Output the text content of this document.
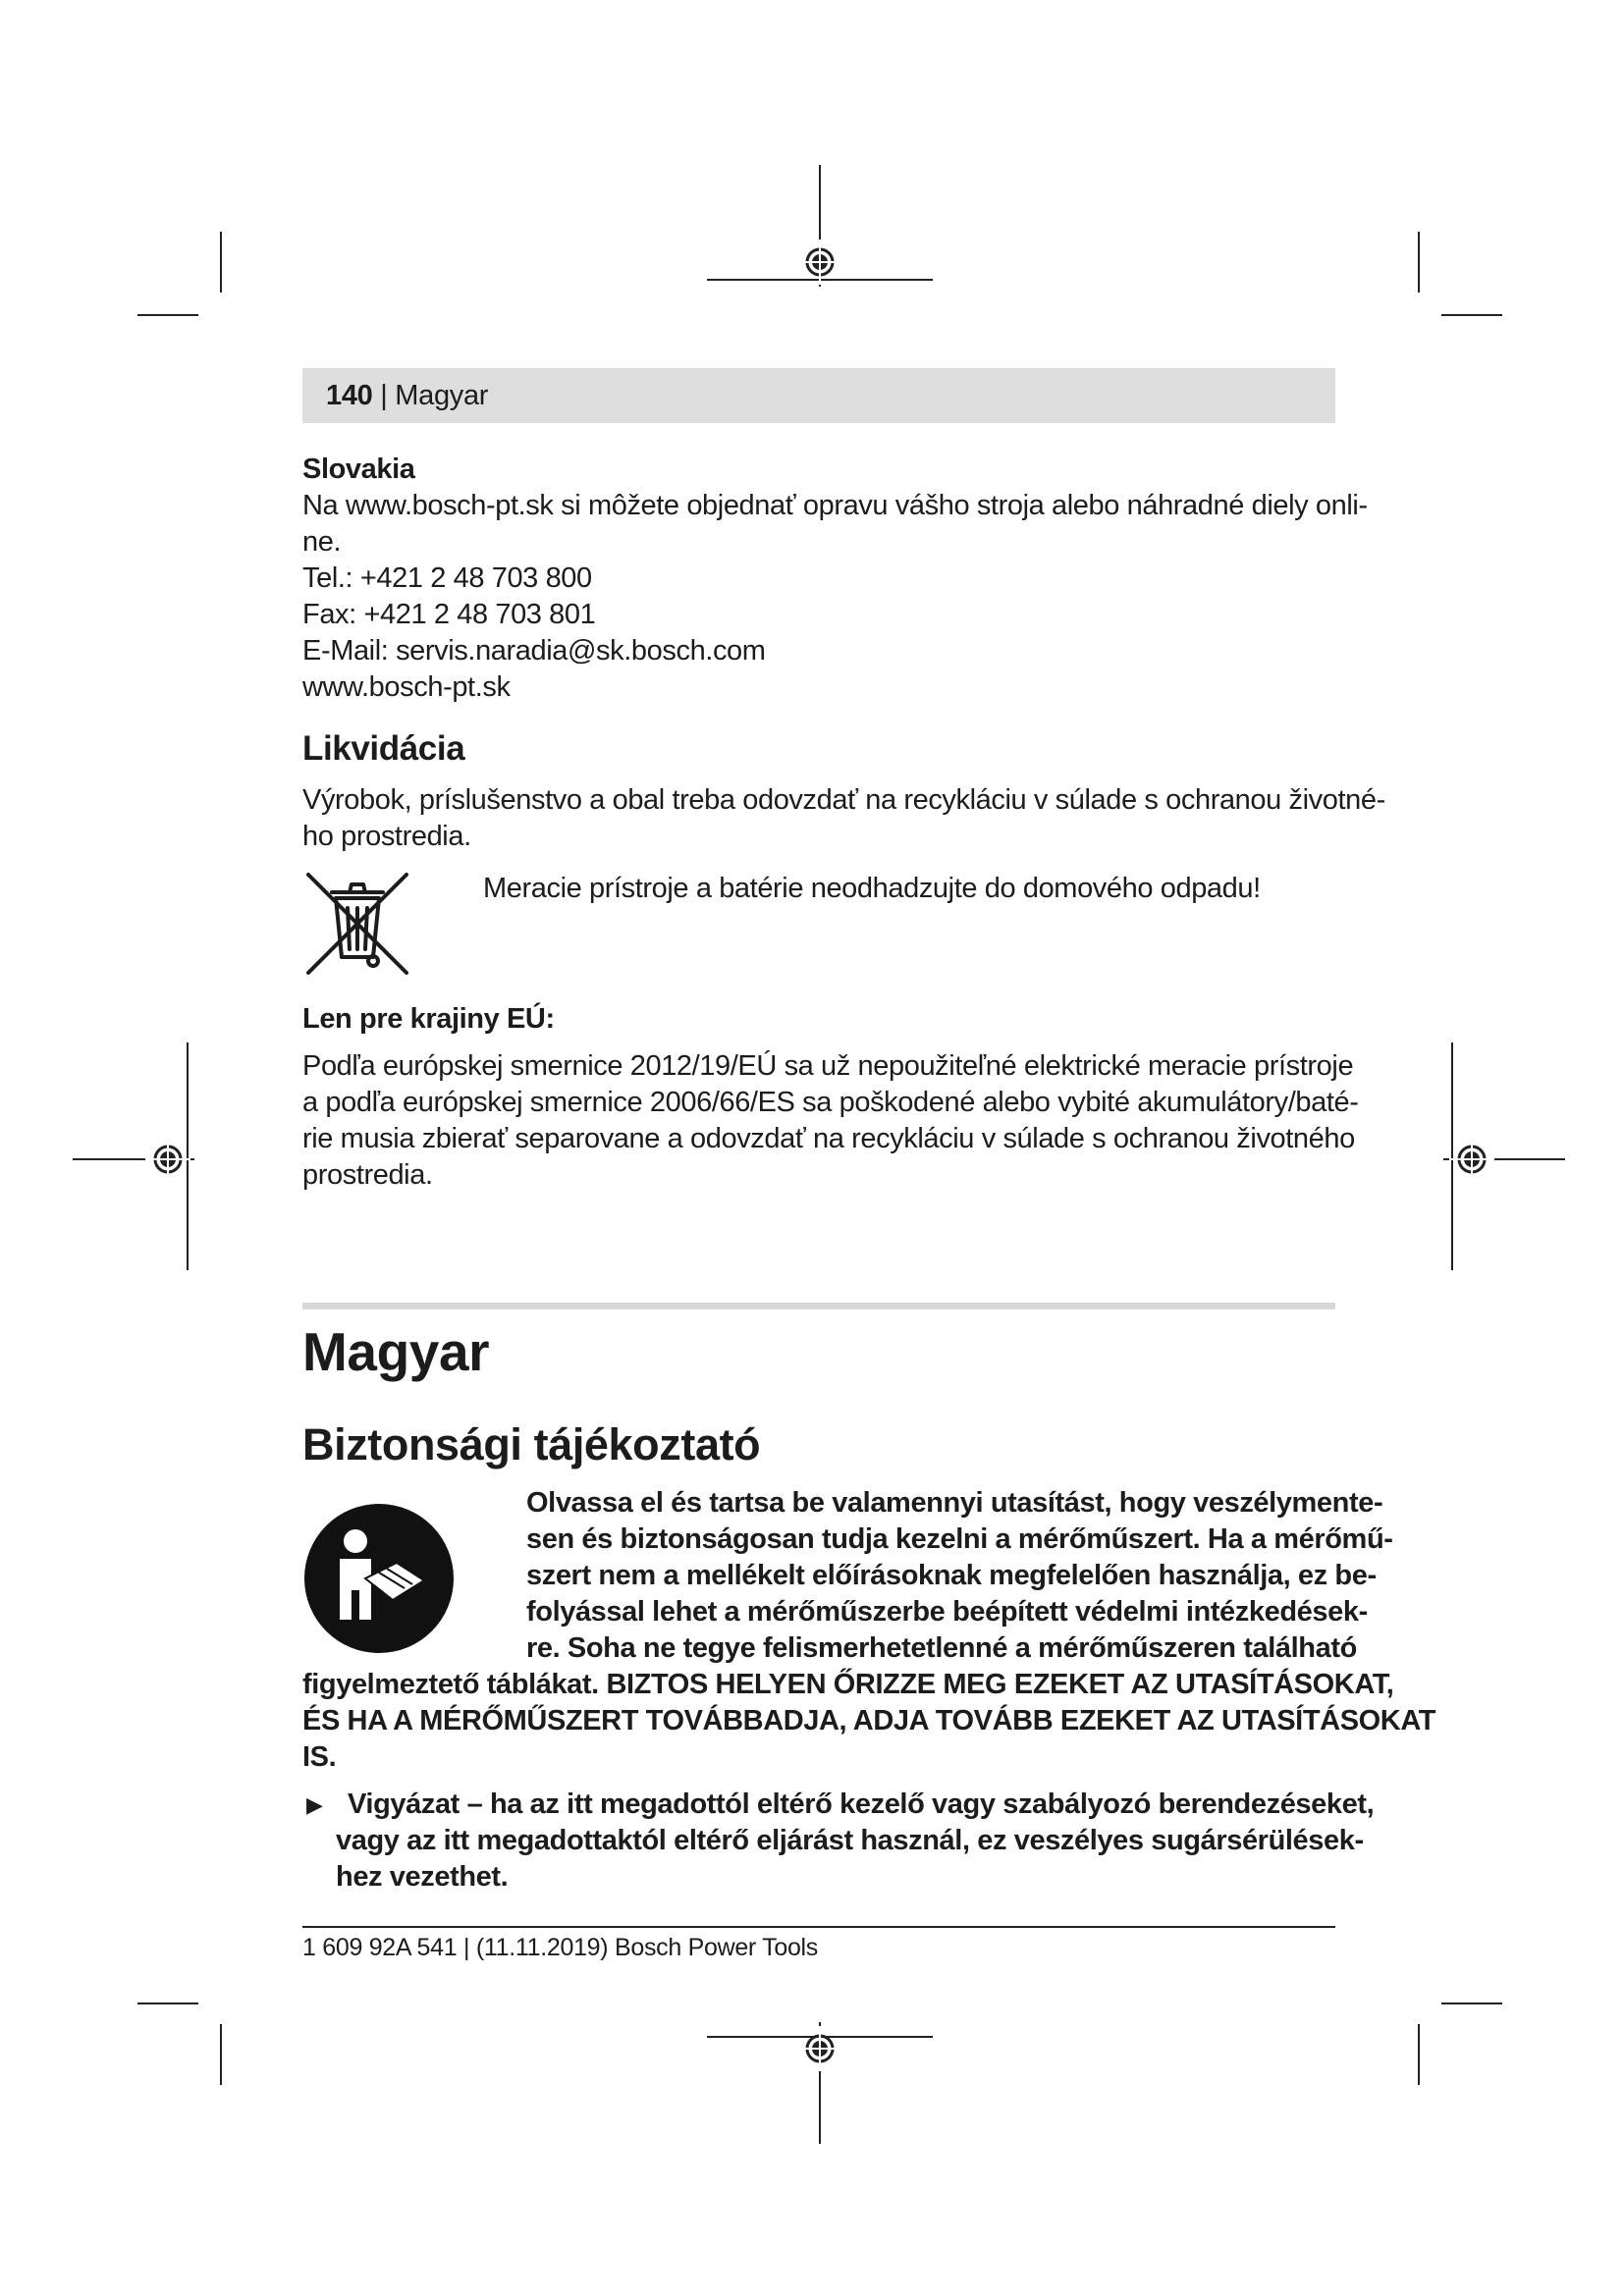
140 | Magyar

Slovakia

Na www.bosch-pt.sk si môžete objednať opravu vášho stroja alebo náhradné diely onli-

ne.

Tel.: +421 2 48 703 800

Fax: +421 2 48 703 801

E-Mail: servis.naradia@sk.bosch.com

www.bosch-pt.sk

Likvidácia

Výrobok, príslušenstvo a obal treba odovzdať na recykláciu v súlade s ochranou životné-

ho prostredia.

Meracie prístroje a batérie neodhadzujte do domového odpadu!

Len pre krajiny EÚ:

Podľa európskej smernice 2012/19/EÚ sa už nepoužiteľné elektrické meracie prístroje

a podľa európskej smernice 2006/66/ES sa poškodené alebo vybité akumulátory/baté-

rie musia zbierať separovane a odovzdať na recykláciu v súlade s ochranou životného

prostredia.

Magyar

Biztonsági tájékoztató

Olvassa el és tartsa be valamennyi utasítást, hogy veszélymente-

sen és biztonságosan tudja kezelni a mérőműszert. Ha a mérőmű-

szert nem a mellékelt előírásoknak megfelelően használja, ez be-

folyással lehet a mérőműszerbe beépített védelmi intézkedések-

re. Soha ne tegye felismerhetetlenné a mérőműszeren található

figyelmeztető táblákat. BIZTOS HELYEN ŐRIZZE MEG EZEKET AZ UTASÍTÁSOKAT,

ÉS HA A MÉRŐMŰSZERT TOVÁBBADJA, ADJA TOVÁBB EZEKET AZ UTASÍTÁSOKAT

IS.

▶ Vigyázat – ha az itt megadottól eltérő kezelő vagy szabályozó berendezéseket,

vagy az itt megadottaktól eltérő eljárást használ, ez veszélyes sugársérülések-

hez vezethet.

1 609 92A 541 | (11.11.2019) Bosch Power Tools
